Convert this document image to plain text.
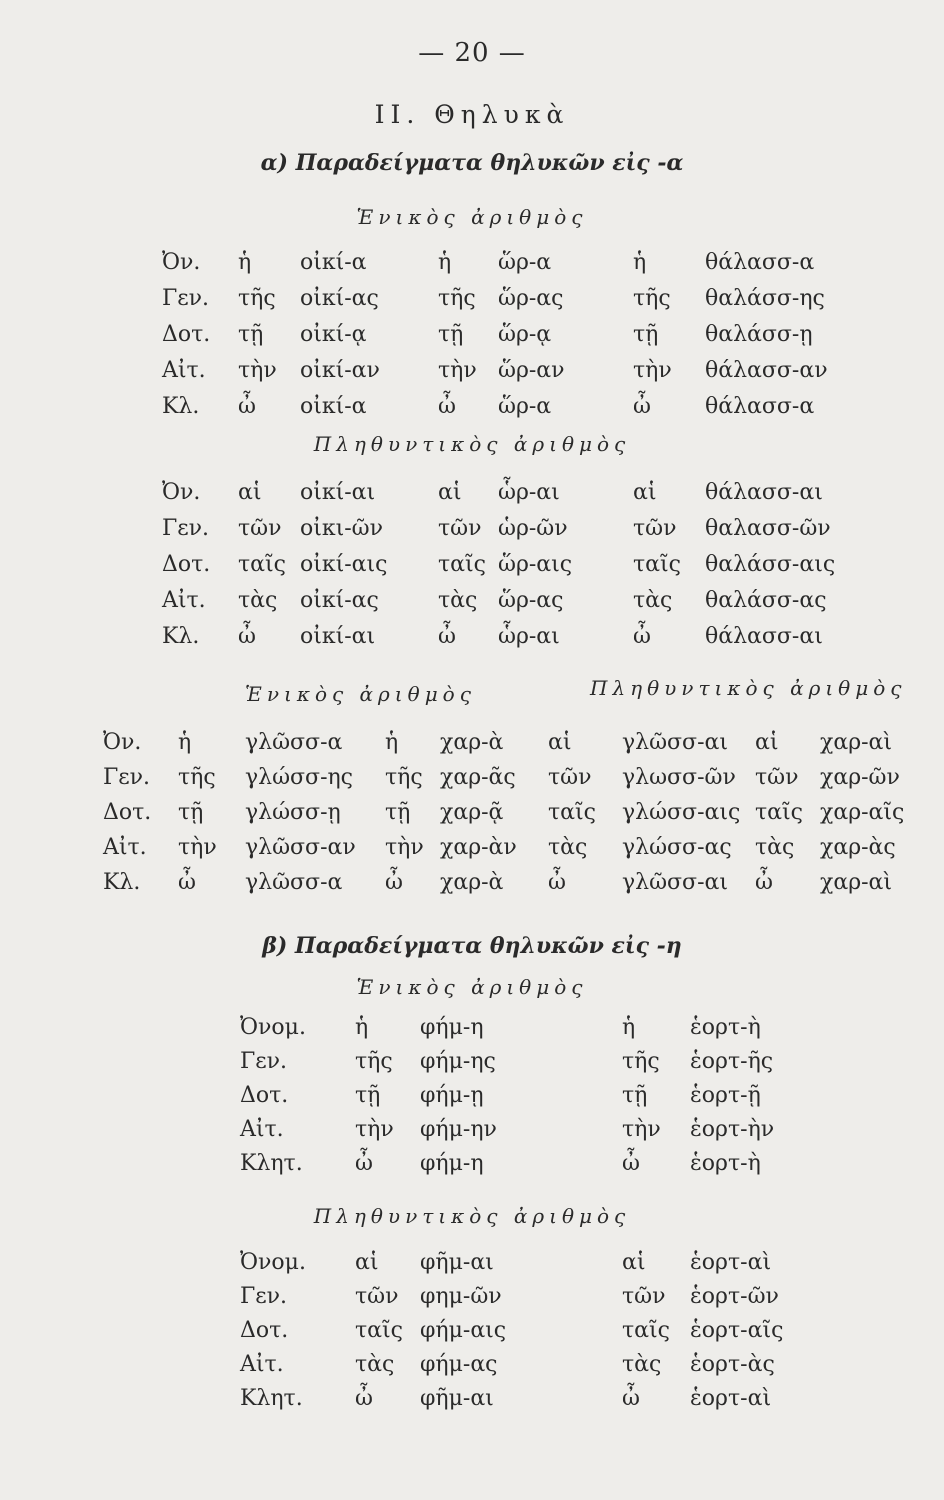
— 20 —
II. Θηλυκὰ
α) Παραδείγματα θηλυκῶν εἰς -α
Ἑνικὸς ἀριθμὸς
Ὀν. ἡ οἰκί-α	ἡ ὥρ-α	ἡ	θάλασσ-α
Γεν. τῆς οἰκί-ας	τῆς ὥρ-ας	τῆς θαλάσσ-ης
Δοτ. τῇ οἰκί-ᾳ	τῇ ὥρ-ᾳ	τῇ θαλάσσ-ῃ
Αἰτ. τὴν οἰκί-αν	τὴν ὥρ-αν	τὴν θάλασσ-αν
Κλ. ὦ οἰκί-α	ὦ ὥρ-α	ὦ θάλασσ-α
Πληθυντικὸς ἀριθμὸς
Ὀν. αἱ οἰκί-αι	αἱ ὧρ-αι	αἱ θάλασσ-αι
Γεν. τῶν οἰκι-ῶν	τῶν ὡρ-ῶν	τῶν θαλασσ-ῶν
Δοτ. ταῖς οἰκί-αις ταῖς ὥρ-αις	ταῖς θαλάσσ-αις
Αἰτ. τὰς οἰκί-ας	τὰς ὥρ-ας	τὰς θαλάσσ-ας
Κλ. ὦ οἰκί-αι	ὦ ὧρ-αι	ὦ θάλασσ-αι
Ἑνικὸς ἀριθμὸς	Πληθυντικὸς ἀριθμὸς
Ὀν. ἡ γλῶσσ-α ἡ χαρ-ὰ αἱ γλῶσσ-αι αἱ χαρ-αὶ
Γεν. τῆς γλώσσ-ης τῆς χαρ-ᾶς τῶν γλωσσ-ῶν τῶν χαρ-ῶν
Δοτ. τῇ γλώσσ-ῃ τῇ χαρ-ᾷ ταῖς γλώσσ-αις ταῖς χαρ-αῖς
Αἰτ. τὴν γλῶσσ-αν τὴν χαρ-ὰν τὰς γλώσσ-ας τὰς χαρ-ὰς
Κλ. ὦ γλῶσσ-α ὦ χαρ-ὰ ὦ	γλῶσσ-αι ὦ χαρ-αὶ
β) Παραδείγματα θηλυκῶν εἰς -η
Ἑνικὸς ἀριθμὸς
Ὀνομ. ἡ φήμ-η	ἡ ἑορτ-ὴ
Γεν.	τῆς φήμ-ης	τῆς ἑορτ-ῆς
Δοτ.	τῇ φήμ-ῃ	τῇ ἑορτ-ῇ
Αἰτ.	τὴν φήμ-ην	τὴν ἑορτ-ὴν
Κλητ. ὦ φήμ-η	ὦ ἑορτ-ὴ
Πληθυντικὸς ἀριθμὸς
Ὀνομ. αἱ φῆμ-αι	αἱ ἑορτ-αὶ
Γεν.	τῶν φημ-ῶν	τῶν ἑορτ-ῶν
Δοτ.	ταῖς φήμ-αις	ταῖς ἑορτ-αῖς
Αἰτ.	τὰς φήμ-ας	τὰς ἑορτ-ὰς
Κλητ. ὦ φῆμ-αι	ὦ ἑορτ-αὶ
